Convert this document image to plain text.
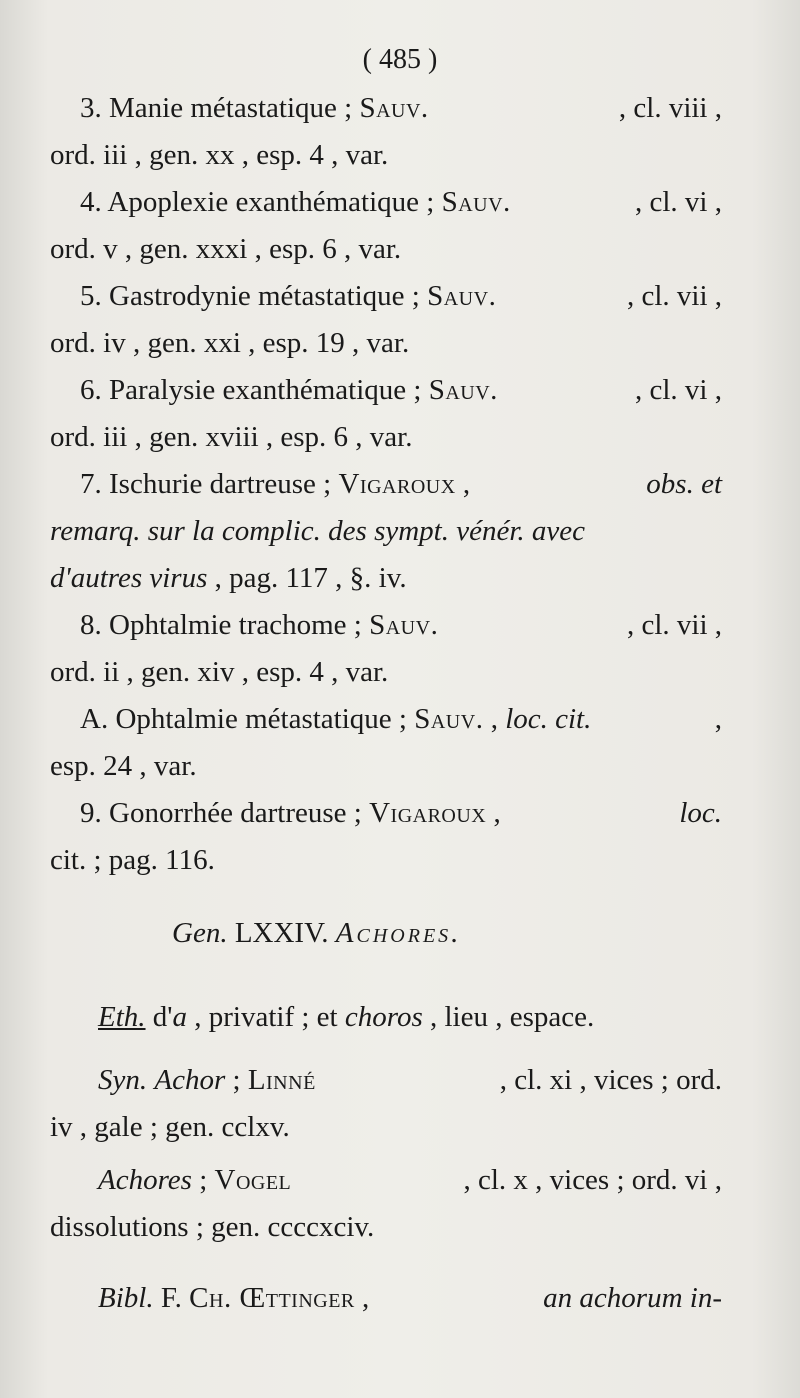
( 485 )
3. Manie métastatique ; Sauv.	, cl. viii ,
ord. iii , gen. xx , esp. 4 , var.
4. Apoplexie exanthématique ; Sauv.	, cl. vi ,
ord. v , gen. xxxi , esp. 6 , var.
5. Gastrodynie métastatique ; Sauv.	, cl. vii ,
ord. iv , gen. xxi , esp. 19 , var.
6. Paralysie exanthématique ; Sauv.	, cl. vi ,
ord. iii , gen. xviii , esp. 6 , var.
7. Ischurie dartreuse ; Vigaroux ,	obs. et
remarq. sur la complic. des sympt. vénér. avec
d'autres virus , pag. 117 , §. iv.
8. Ophtalmie trachome ; Sauv.	, cl. vii ,
ord. ii , gen. xiv , esp. 4 , var.
A. Ophtalmie métastatique ; Sauv. , loc. cit.	,
esp. 24 , var.
9. Gonorrhée dartreuse ; Vigaroux ,	loc.
cit. ; pag. 116.
Gen. LXXIV. Achores.
Eth. d'a , privatif ; et choros , lieu , espace.
Syn. Achor ; Linné	, cl. xi , vices ; ord.
iv , gale ; gen. cclxv.
Achores ; Vogel	, cl. x , vices ; ord. vi ,
dissolutions ; gen. ccccxciv.
Bibl. F. Ch. Œttinger ,	an achorum in-
